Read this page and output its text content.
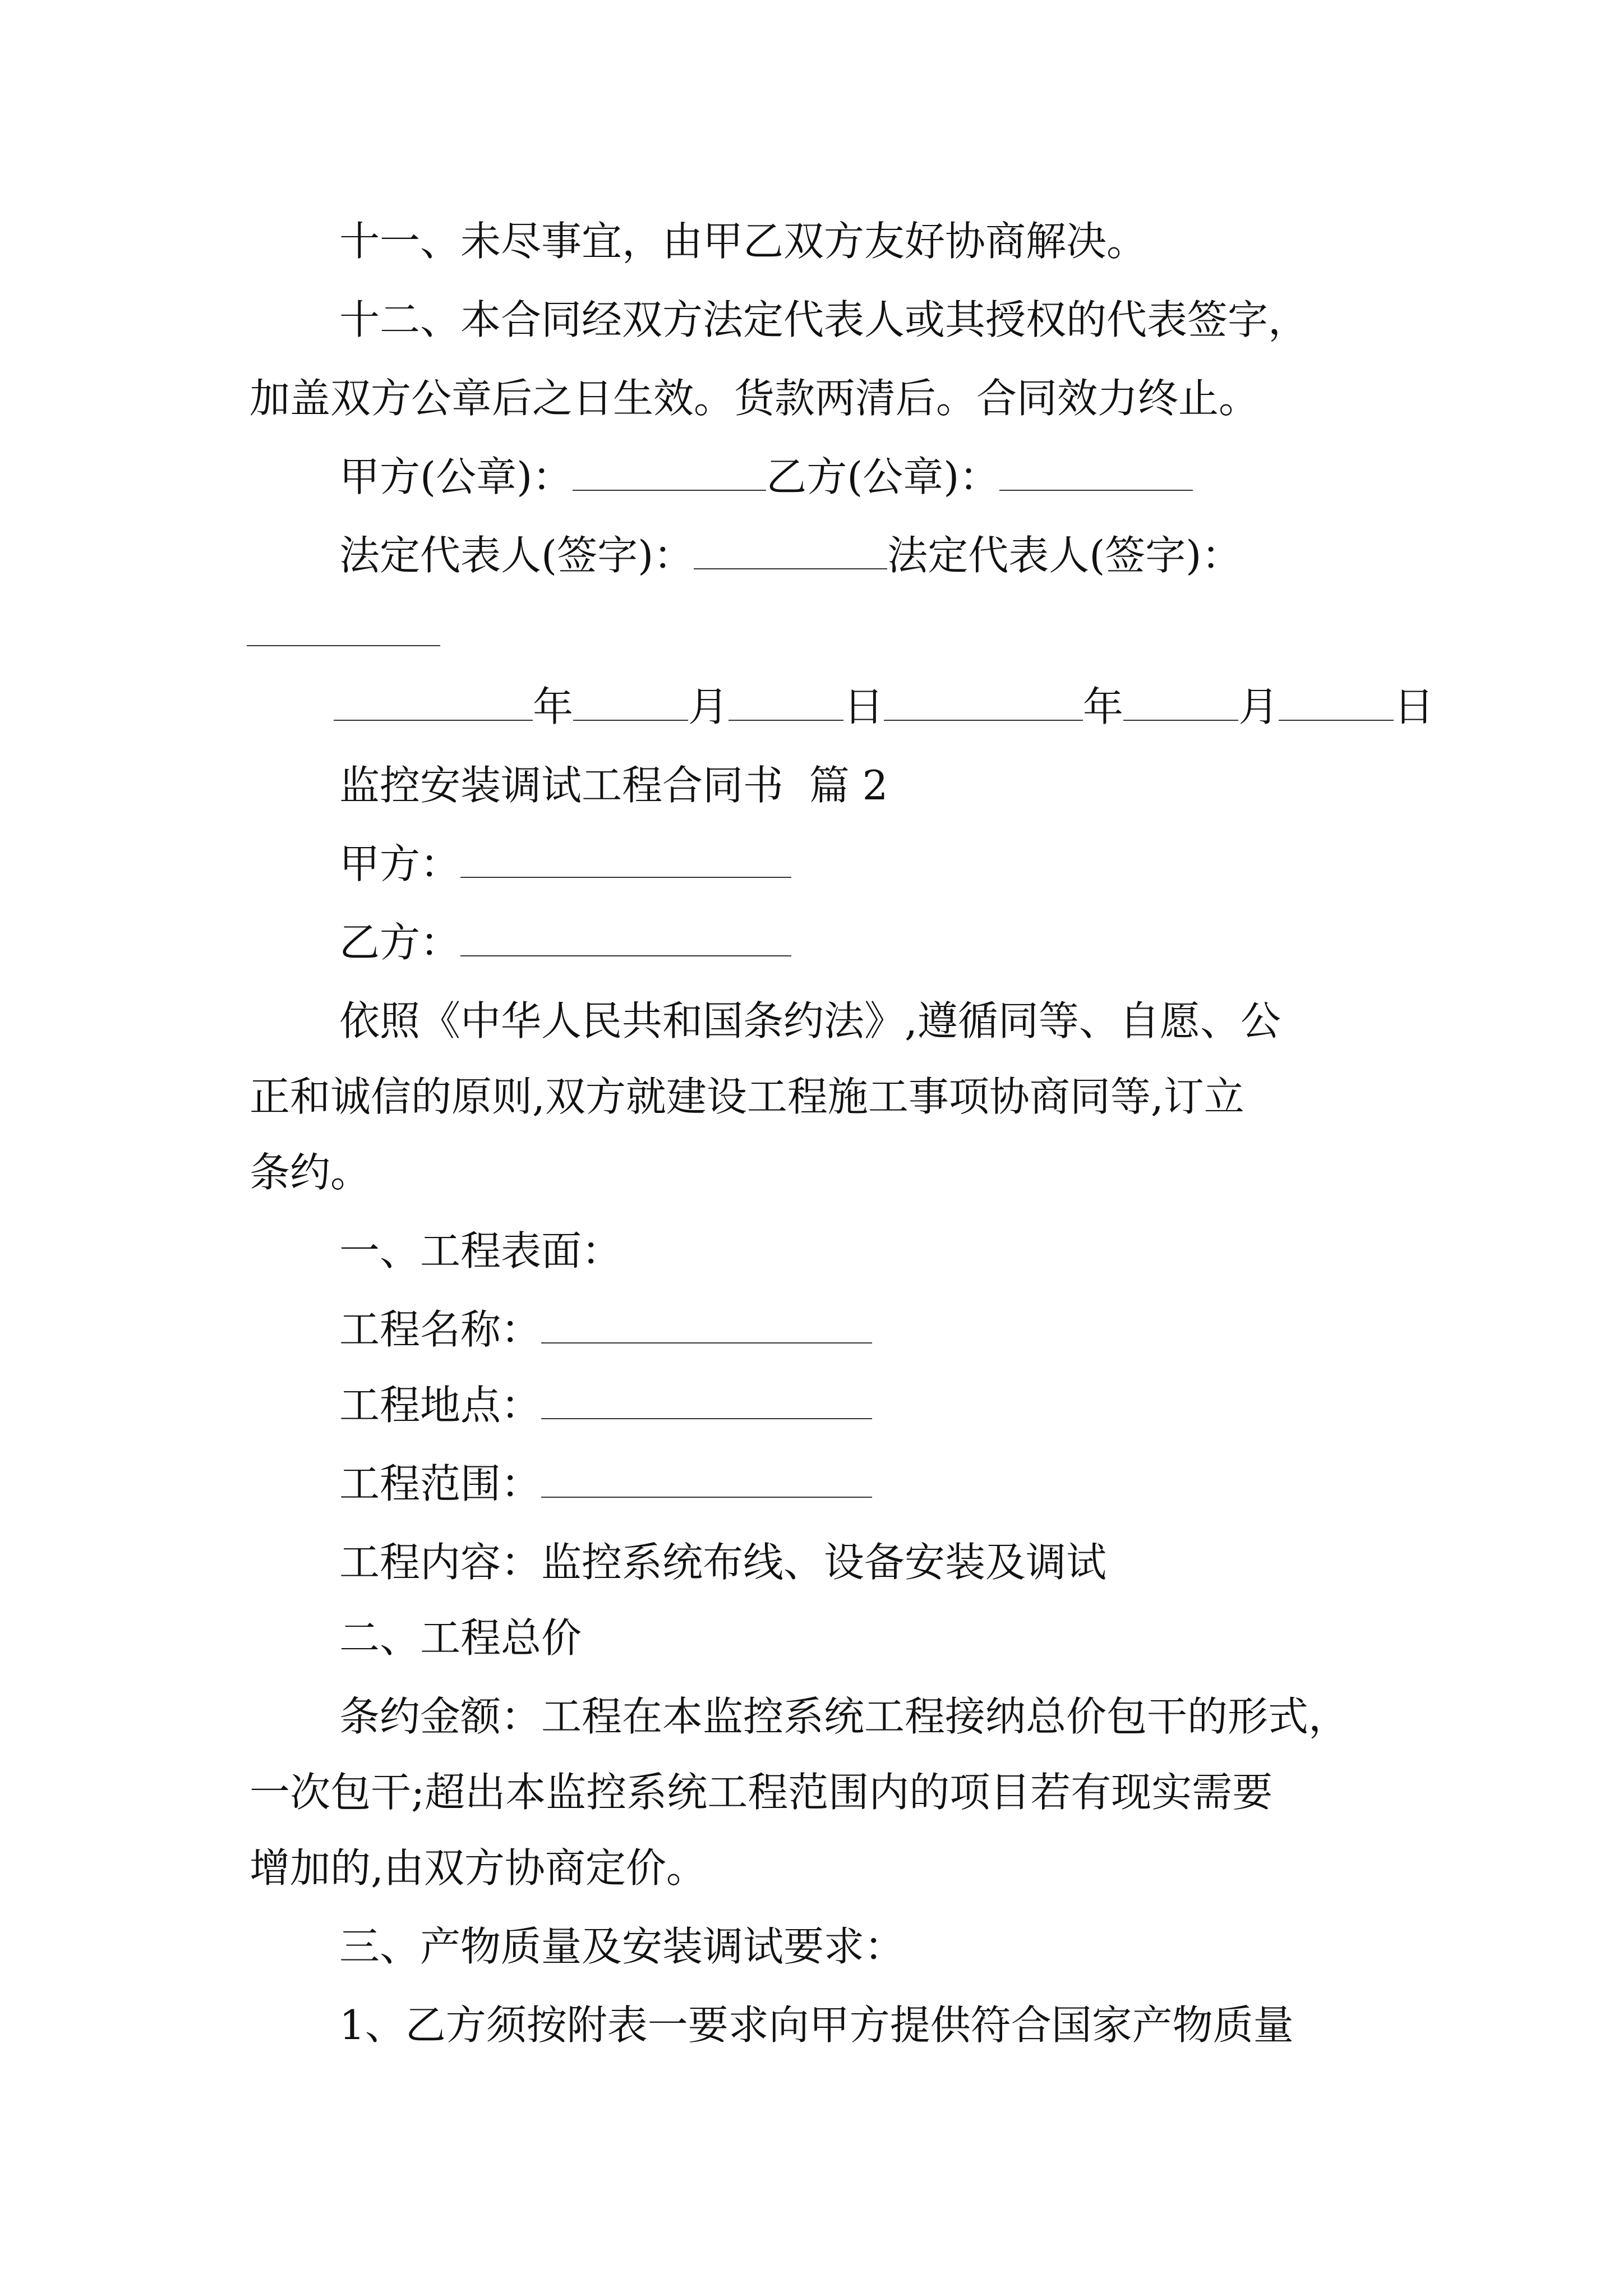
十一、未尽事宜，由甲乙双方友好协商解决。
十二、本合同经双方法定代表人或其授权的代表签字，
加盖双方公章后之日生效。货款两清后。合同效力终止。
甲方(公章)：	乙方(公章)：
法定代表人(签字)：	法定代表人(签字)：
年	月	日	年	月	日
监控安装调试工程合同书  篇 2
甲方：
乙方：
依照《中华人民共和国条约法》,遵循同等、自愿、公
正和诚信的原则,双方就建设工程施工事项协商同等,订立
条约。
一、工程表面：
工程名称：
工程地点：
工程范围：
工程内容：监控系统布线、设备安装及调试
二、工程总价
条约金额：工程在本监控系统工程接纳总价包干的形式，
一次包干;超出本监控系统工程范围内的项目若有现实需要
增加的,由双方协商定价。
三、产物质量及安装调试要求：
1、乙方须按附表一要求向甲方提供符合国家产物质量
